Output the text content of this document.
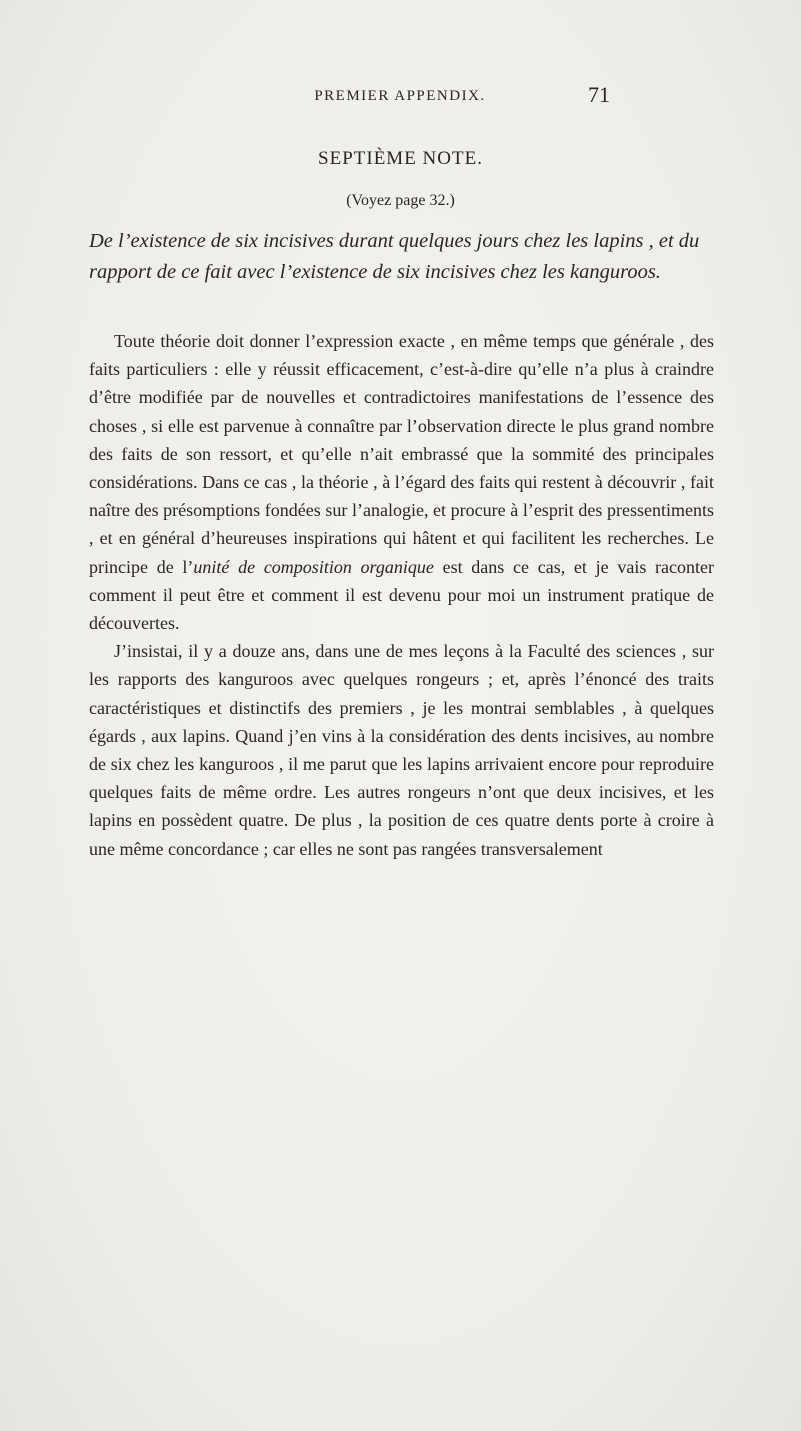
PREMIER APPENDIX.	71
SEPTIÈME NOTE.
(Voyez page 32.)
De l’existence de six incisives durant quelques jours chez les lapins , et du rapport de ce fait avec l’existence de six incisives chez les kanguroos.

Toute théorie doit donner l’expression exacte , en même temps que générale , des faits particuliers : elle y réussit efficacement, c’est-à-dire qu’elle n’a plus à craindre d’être modifiée par de nouvelles et contradictoires manifestations de l’essence des choses , si elle est parvenue à connaître par l’observation directe le plus grand nombre des faits de son ressort, et qu’elle n’ait embrassé que la sommité des principales considérations. Dans ce cas , la théorie , à l’égard des faits qui restent à découvrir , fait naître des présomptions fondées sur l’analogie, et procure à l’esprit des pressentiments , et en général d’heureuses inspirations qui hâtent et qui facilitent les recherches. Le principe de l’unité de composition organique est dans ce cas, et je vais raconter comment il peut être et comment il est devenu pour moi un instrument pratique de découvertes.

J’insistai, il y a douze ans, dans une de mes leçons à la Faculté des sciences , sur les rapports des kanguroos avec quelques rongeurs ; et, après l’énoncé des traits caractéristiques et distinctifs des premiers , je les montrai semblables , à quelques égards , aux lapins. Quand j’en vins à la considération des dents incisives, au nombre de six chez les kanguroos , il me parut que les lapins arrivaient encore pour reproduire quelques faits de même ordre. Les autres rongeurs n’ont que deux incisives, et les lapins en possèdent quatre. De plus , la position de ces quatre dents porte à croire à une même concordance ; car elles ne sont pas rangées transversalement
